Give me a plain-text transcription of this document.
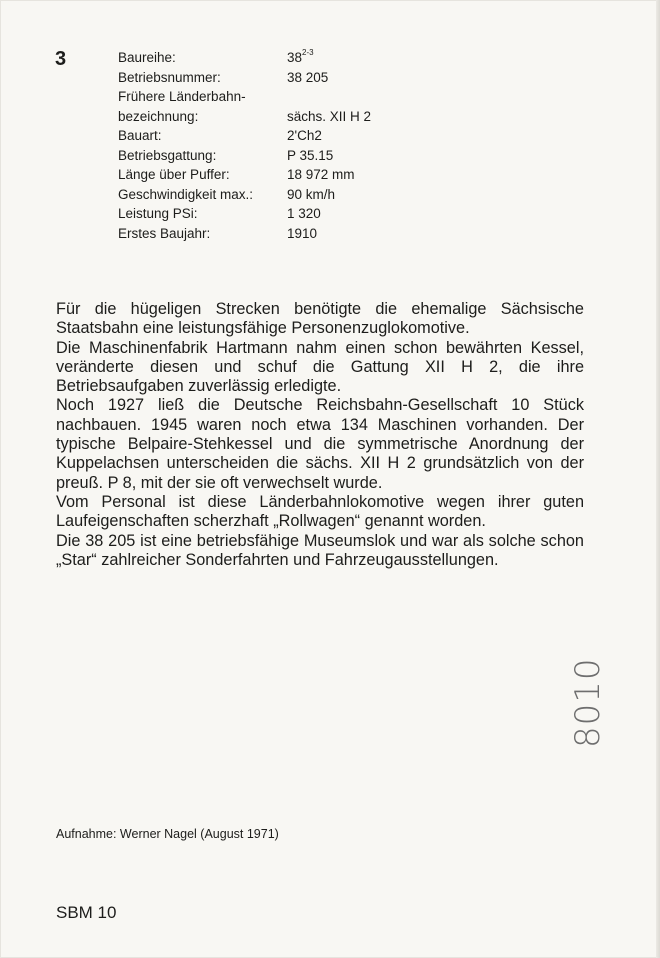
3	Baureihe:	38$^{2-3}$
Betriebsnummer:	38 205
Frühere Länderbahn-
bezeichnung:	sächs. XII H 2
Bauart:	2'Ch2
Betriebsgattung:	P 35.15
Länge über Puffer:	18 972 mm
Geschwindigkeit max.:	90 km/h
Leistung PSi:	1 320
Erstes Baujahr:	1910

Für die hügeligen Strecken benötigte die ehemalige Sächsische Staatsbahn eine leistungsfähige Personenzuglokomotive.

Die Maschinenfabrik Hartmann nahm einen schon bewährten Kessel, veränderte diesen und schuf die Gattung XII H 2, die ihre Betriebsaufgaben zuverlässig erledigte.

Noch 1927 ließ die Deutsche Reichsbahn-Gesellschaft 10 Stück nachbauen. 1945 waren noch etwa 134 Maschinen vorhanden. Der typische Belpaire-Stehkessel und die symmetrische Anordnung der Kuppelachsen unterscheiden die sächs. XII H 2 grundsätzlich von der preuß. P 8, mit der sie oft verwechselt wurde.

Vom Personal ist diese Länderbahnlokomotive wegen ihrer guten Laufeigenschaften scherzhaft „Rollwagen“ genannt worden.

Die 38 205 ist eine betriebsfähige Museumslok und war als solche schon „Star“ zahlreicher Sonderfahrten und Fahrzeugausstellungen.

8010
Aufnahme: Werner Nagel (August 1971)
SBM 10
